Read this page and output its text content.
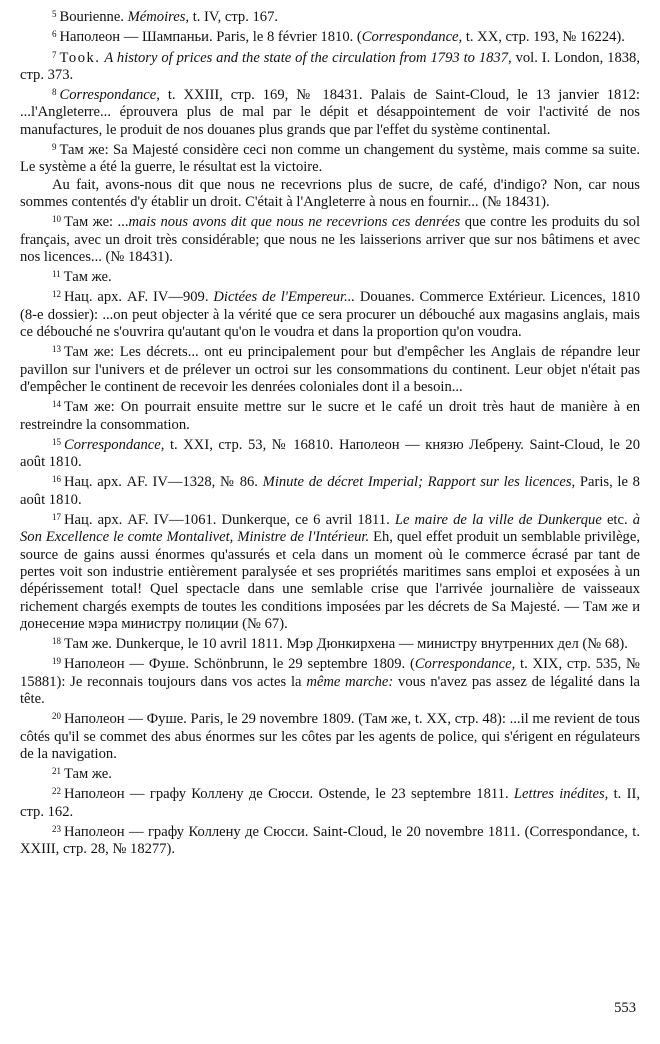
$^5$ Bourienne. Mémoires, t. IV, стр. 167.

$^6$ Наполеон — Шампаньи. Paris, le 8 février 1810. (Correspondance, t. XX, стр. 193, № 16224).

$^7$ Took. A history of prices and the state of the circulation from 1793 to 1837, vol. I. London, 1838, стр. 373.

$^8$ Correspondance, t. XXIII, стр. 169, № 18431. Palais de Saint-Cloud, le 13 janvier 1812: ...l'Angleterre... éprouvera plus de mal par le dépit et désappointement de voir l'activité de nos manufactures, le produit de nos douanes plus grands que par l'effet du système continental.

$^9$ Там же: Sa Majesté considère ceci non comme un changement du système, mais comme sa suite. Le système a été la guerre, le résultat est la victoire.

Au fait, avons-nous dit que nous ne recevrions plus de sucre, de café, d'indigo? Non, car nous sommes contentés d'y établir un droit. C'était à l'Angleterre à nous en fournir... (№ 18431).

$^{10}$ Там же: ...mais nous avons dit que nous ne recevrions ces denrées que contre les produits du sol français, avec un droit très considérable; que nous ne les laisserions arriver que sur nos bâtimens et avec nos licences... (№ 18431).

$^{11}$ Там же.

$^{12}$ Нац. арх. AF. IV—909. Dictées de l'Empereur... Douanes. Commerce Extérieur. Licences, 1810 (8-e dossier): ...on peut objecter à la vérité que ce sera procurer un débouché aux magasins anglais, mais ce débouché ne s'ouvrira qu'autant qu'on le voudra et dans la proportion qu'on voudra.

$^{13}$ Там же: Les décrets... ont eu principalement pour but d'empêcher les Anglais de répandre leur pavillon sur l'univers et de prélever un octroi sur les consommations du continent. Leur objet n'était pas d'empêcher le continent de recevoir les denrées coloniales dont il a besoin...

$^{14}$ Там же: On pourrait ensuite mettre sur le sucre et le café un droit très haut de manière à en restreindre la consommation.

$^{15}$ Correspondance, t. XXI, стр. 53, № 16810. Наполеон — князю Лебрену. Saint-Cloud, le 20 août 1810.

$^{16}$ Нац. арх. AF. IV—1328, № 86. Minute de décret Imperial; Rapport sur les licences, Paris, le 8 août 1810.

$^{17}$ Нац. арх. AF. IV—1061. Dunkerque, ce 6 avril 1811. Le maire de la ville de Dunkerque etc. à Son Excellence le comte Montalivet, Ministre de l'Intérieur. Eh, quel effet produit un semblable privilège, source de gains aussi énormes qu'assurés et cela dans un moment où le commerce écrasé par tant de pertes voit son industrie entièrement paralysée et ses propriétés maritimes sans emploi et exposées à un dépérissement total! Quel spectacle dans une semlable crise que l'arrivée journalière de vaisseaux richement chargés exempts de toutes les conditions imposées par les décrets de Sa Majesté. — Там же и донесение мэра министру полиции (№ 67).

$^{18}$ Там же. Dunkerque, le 10 avril 1811. Мэр Дюнкирхена — министру внутренних дел (№ 68).

$^{19}$ Наполеон — Фуше. Schönbrunn, le 29 septembre 1809. (Correspondance, t. XIX, стр. 535, № 15881): Je reconnais toujours dans vos actes la même marche: vous n'avez pas assez de légalité dans la tête.

$^{20}$ Наполеон — Фуше. Paris, le 29 novembre 1809. (Там же, t. XX, стр. 48): ...il me revient de tous côtés qu'il se commet des abus énormes sur les côtes par les agents de police, qui s'érigent en régulateurs de la navigation.

$^{21}$ Там же.

$^{22}$ Наполеон — графу Коллену де Сюсси. Ostende, le 23 septembre 1811. Lettres inédites, t. II, стр. 162.

$^{23}$ Наполеон — графу Коллену де Сюсси. Saint-Cloud, le 20 novembre 1811. (Correspondance, t. XXIII, стр. 28, № 18277).

553
